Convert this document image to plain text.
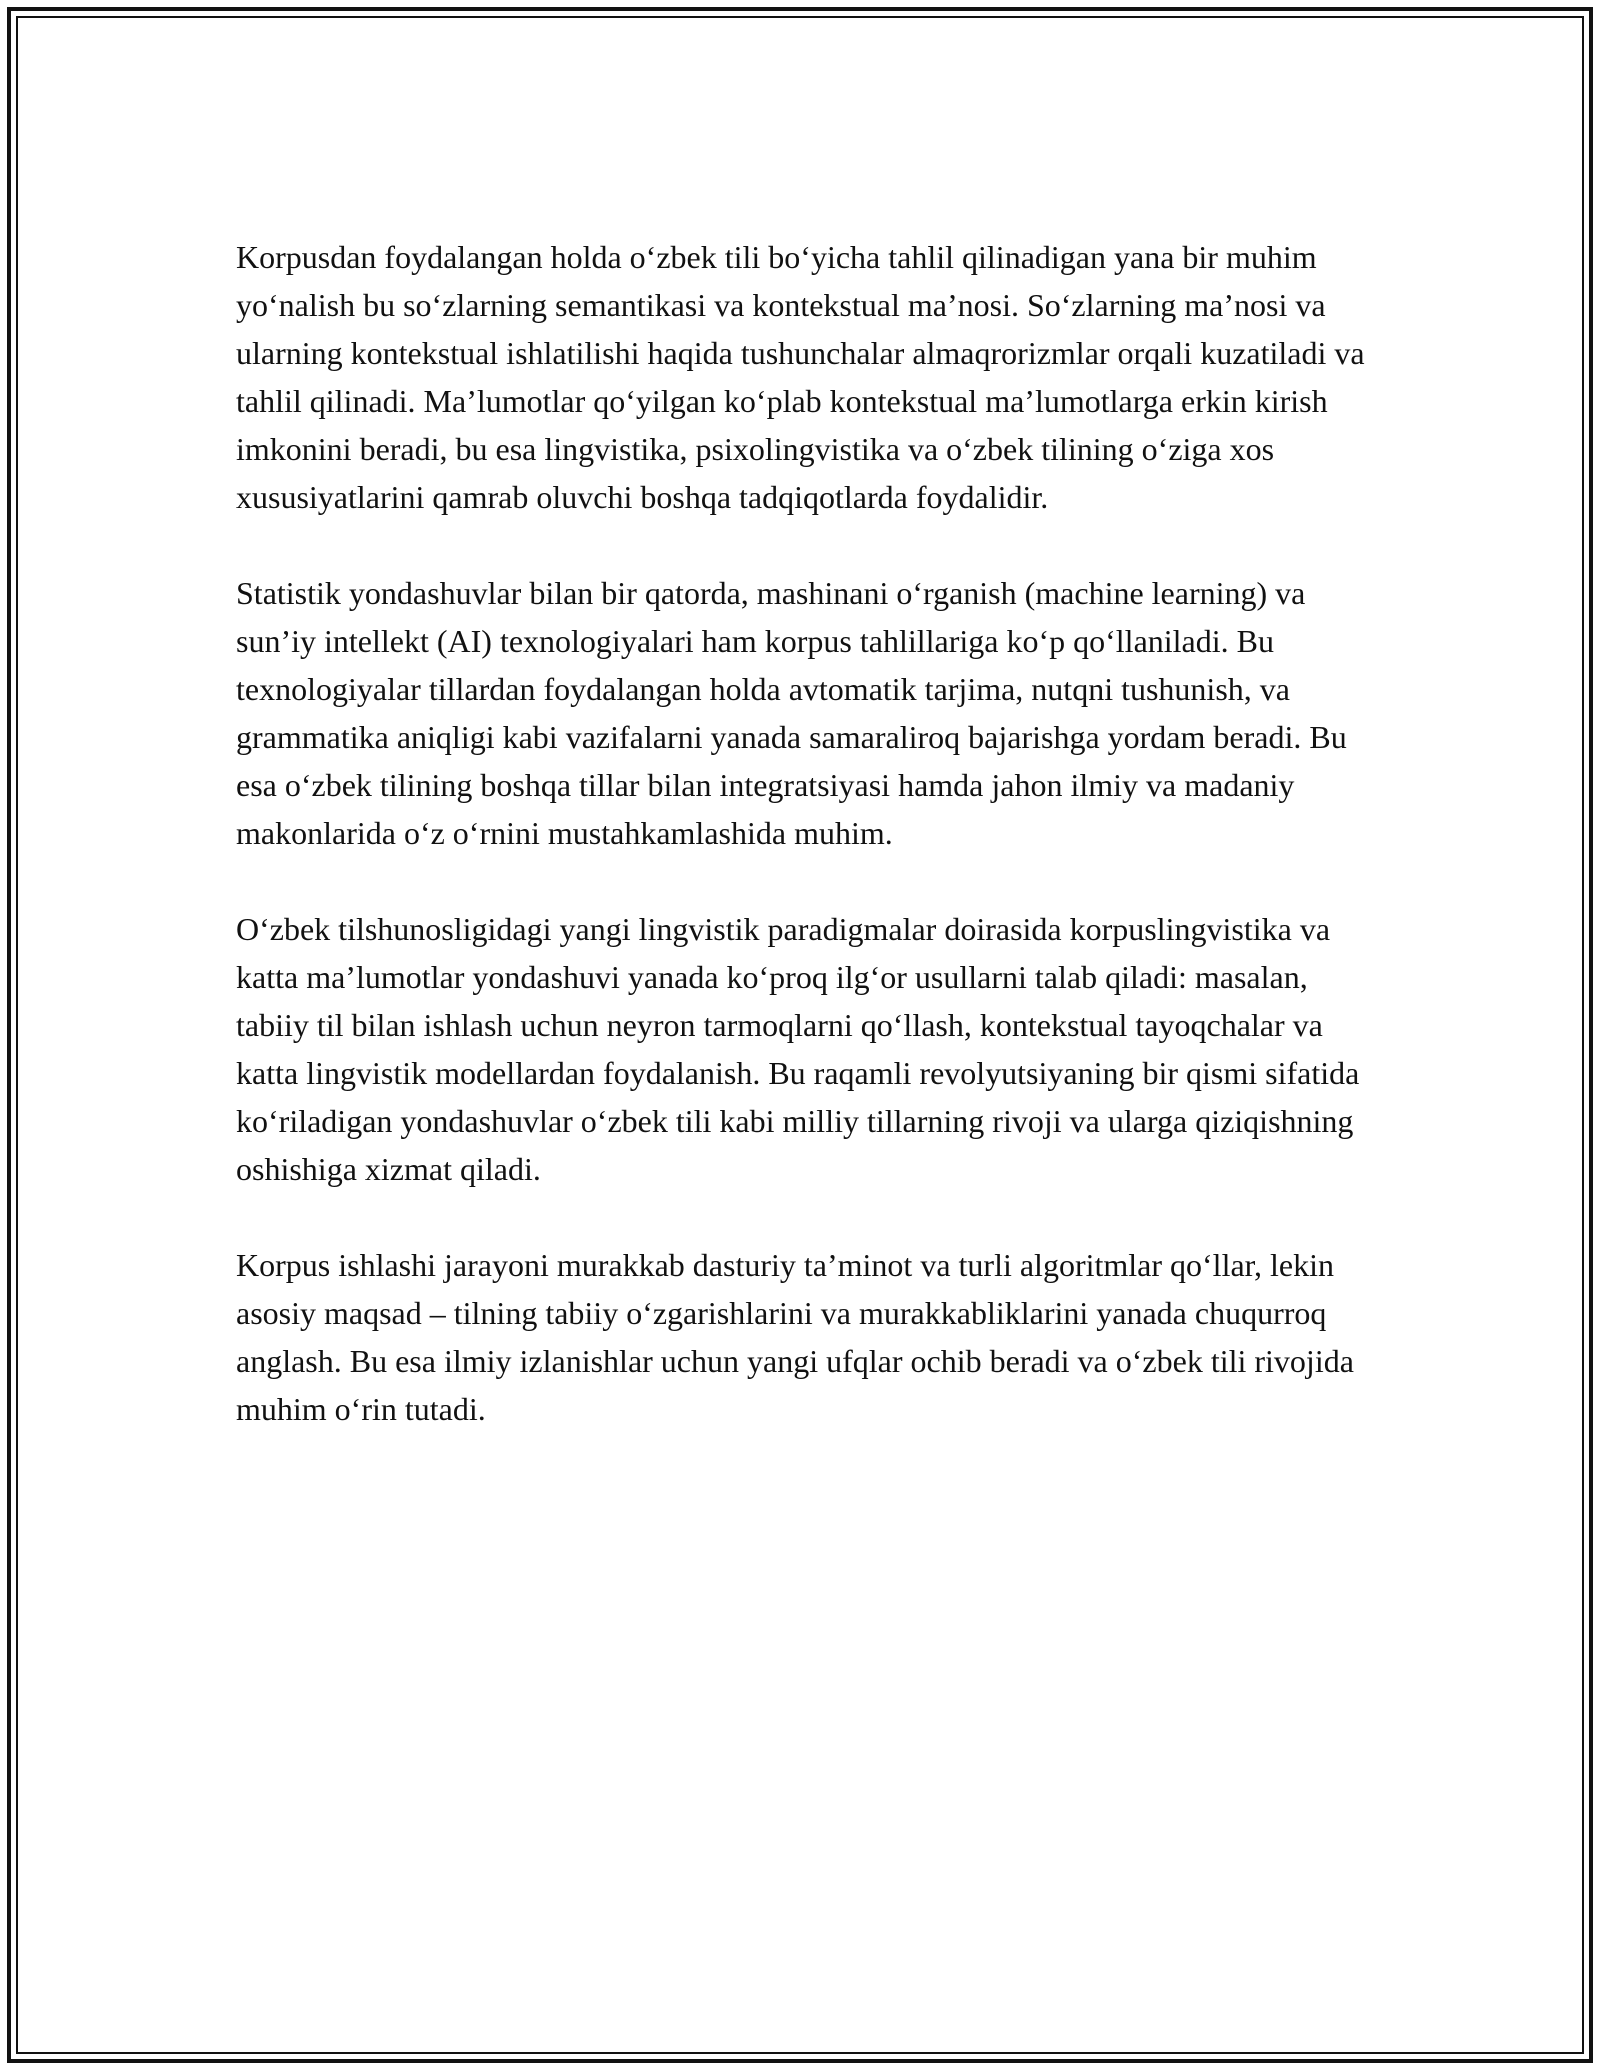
Korpusdan foydalangan holda o‘zbek tili bo‘yicha tahlil qilinadigan yana bir muhim yo‘nalish bu so‘zlarning semantikasi va kontekstual ma’nosi. So‘zlarning ma’nosi va ularning kontekstual ishlatilishi haqida tushunchalar almaqrorizmlar orqali kuzatiladi va tahlil qilinadi. Ma’lumotlar qo‘yilgan ko‘plab kontekstual ma’lumotlarga erkin kirish imkonini beradi, bu esa lingvistika, psixolingvistika va o‘zbek tilining o‘ziga xos xususiyatlarini qamrab oluvchi boshqa tadqiqotlarda foydalidir.

Statistik yondashuvlar bilan bir qatorda, mashinani o‘rganish (machine learning) va sun’iy intellekt (AI) texnologiyalari ham korpus tahlillariga ko‘p qo‘llaniladi. Bu texnologiyalar tillardan foydalangan holda avtomatik tarjima, nutqni tushunish, va grammatika aniqligi kabi vazifalarni yanada samaraliroq bajarishga yordam beradi. Bu esa o‘zbek tilining boshqa tillar bilan integratsiyasi hamda jahon ilmiy va madaniy makonlarida o‘z o‘rnini mustahkamlashida muhim.

O‘zbek tilshunosligidagi yangi lingvistik paradigmalar doirasida korpuslingvistika va katta ma’lumotlar yondashuvi yanada ko‘proq ilg‘or usullarni talab qiladi: masalan, tabiiy til bilan ishlash uchun neyron tarmoqlarni qo‘llash, kontekstual tayoqchalar va katta lingvistik modellardan foydalanish. Bu raqamli revolyutsiyaning bir qismi sifatida ko‘riladigan yondashuvlar o‘zbek tili kabi milliy tillarning rivoji va ularga qiziqishning oshishiga xizmat qiladi.

Korpus ishlashi jarayoni murakkab dasturiy ta’minot va turli algoritmlar qo‘llar, lekin asosiy maqsad – tilning tabiiy o‘zgarishlarini va murakkabliklarini yanada chuqurroq anglash. Bu esa ilmiy izlanishlar uchun yangi ufqlar ochib beradi va o‘zbek tili rivojida muhim o‘rin tutadi.
